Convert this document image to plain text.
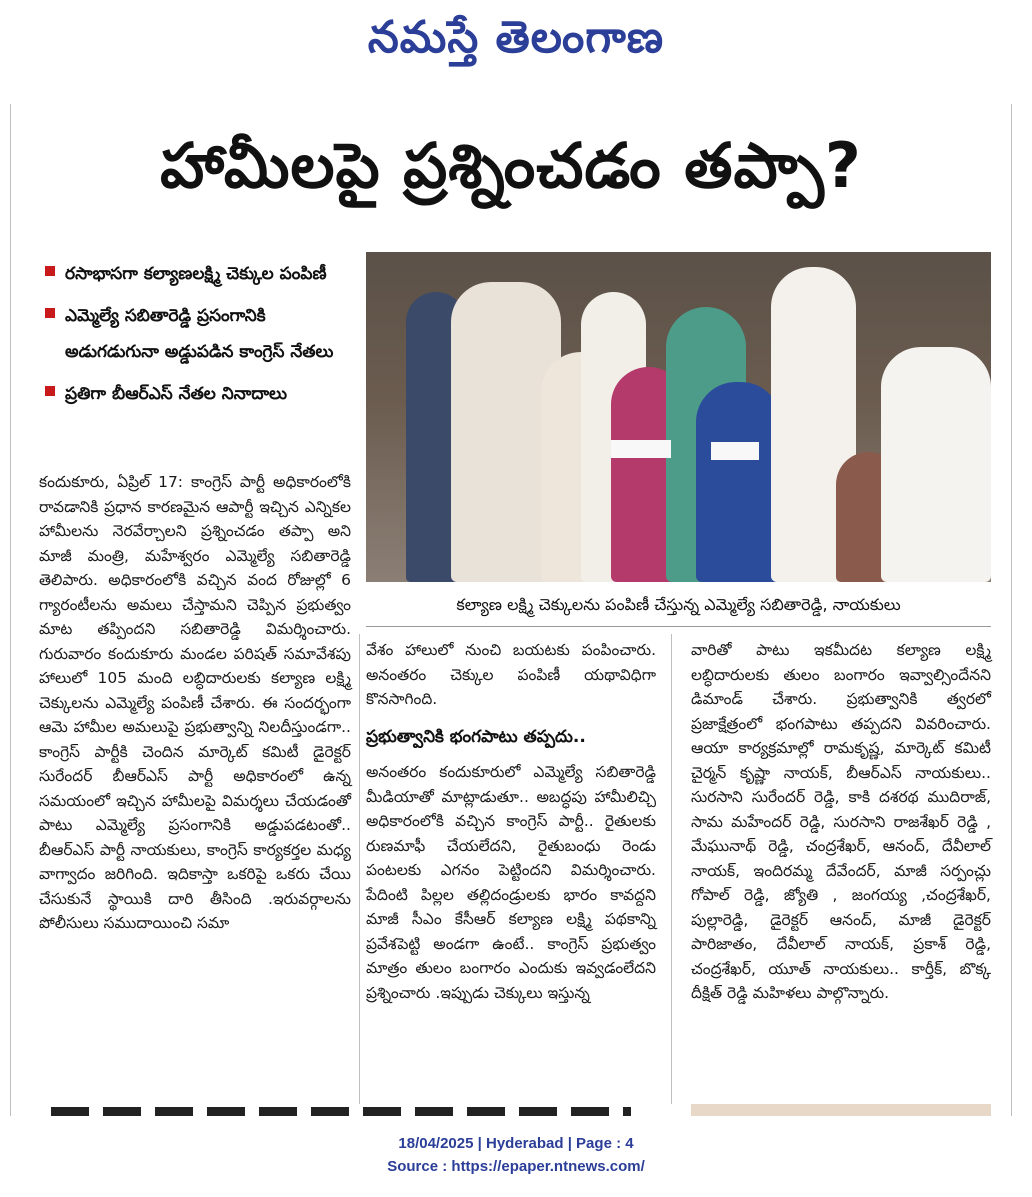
నమస్తే తెలంగాణ
హామీలపై ప్రశ్నించడం తప్పా?
రసాభాసగా కల్యాణలక్ష్మి చెక్కుల పంపిణీ
ఎమ్మెల్యే సబితారెడ్డి ప్రసంగానికి అడుగడుగునా అడ్డుపడిన కాంగ్రెస్ నేతలు
ప్రతిగా బీఆర్ఎస్ నేతల నినాదాలు
కల్యాణ లక్ష్మి చెక్కులను పంపిణీ చేస్తున్న ఎమ్మెల్యే సబితారెడ్డి, నాయకులు

కందుకూరు, ఏప్రిల్ 17: కాంగ్రెస్ పార్టీ అధికారంలోకి రావడానికి ప్రధాన కారణమైన ఆపార్టీ ఇచ్చిన ఎన్నికల హామీలను నెరవేర్చాలని ప్రశ్నించడం తప్పా అని మాజీ మంత్రి, మహేశ్వరం ఎమ్మెల్యే సబితారెడ్డి తెలిపారు. అధికారంలోకి వచ్చిన వంద రోజుల్లో 6 గ్యారంటీలను అమలు చేస్తామని చెప్పిన ప్రభుత్వం మాట తప్పిందని సబితారెడ్డి విమర్శించారు. గురువారం కందుకూరు మండల పరిషత్ సమావేశపు హాలులో 105 మంది లబ్ధిదారులకు కల్యాణ లక్ష్మి చెక్కులను ఎమ్మెల్యే పంపిణీ చేశారు. ఈ సందర్భంగా ఆమె హామీల అమలుపై ప్రభుత్వాన్ని నిలదీస్తుండగా.. కాంగ్రెస్ పార్టీకి చెందిన మార్కెట్ కమిటీ డైరెక్టర్ సురేందర్ బీఆర్ఎస్ పార్టీ అధికారంలో ఉన్న సమయంలో ఇచ్చిన హామీలపై విమర్శలు చేయడంతో పాటు ఎమ్మెల్యే ప్రసంగానికి అడ్డుపడటంతో.. బీఆర్ఎస్ పార్టీ నాయకులు, కాంగ్రెస్ కార్యకర్తల మధ్య వాగ్వాదం జరిగింది. ఇదికాస్తా ఒకరిపై ఒకరు చేయి చేసుకునే స్థాయికి దారి తీసింది .ఇరువర్గాలను పోలీసులు సముదాయించి సమా

వేశం హాలులో నుంచి బయటకు పంపించారు. అనంతరం చెక్కుల పంపిణీ యథావిధిగా కొనసాగింది.

ప్రభుత్వానికి భంగపాటు తప్పదు..

అనంతరం కందుకూరులో ఎమ్మెల్యే సబితారెడ్డి మీడియాతో మాట్లాడుతూ.. అబద్ధపు హామీలిచ్చి అధికారంలోకి వచ్చిన కాంగ్రెస్ పార్టీ.. రైతులకు రుణమాఫీ చేయలేదని, రైతుబంధు రెండు పంటలకు ఎగనం పెట్టిందని విమర్శించారు. పేదింటి పిల్లల తల్లిదండ్రులకు భారం కావద్దని మాజీ సీఎం కేసీఆర్ కల్యాణ లక్ష్మి పథకాన్ని ప్రవేశపెట్టి అండగా ఉంటే.. కాంగ్రెస్ ప్రభుత్వం మాత్రం తులం బంగారం ఎందుకు ఇవ్వడంలేదని ప్రశ్నించారు .ఇప్పుడు చెక్కులు ఇస్తున్న

వారితో పాటు ఇకమీదట కల్యాణ లక్ష్మి లబ్ధిదారులకు తులం బంగారం ఇవ్వాల్సిందేనని డిమాండ్ చేశారు. ప్రభుత్వానికి త్వరలో ప్రజాక్షేత్రంలో భంగపాటు తప్పదని వివరించారు. ఆయా కార్యక్రమాల్లో రామకృష్ణ, మార్కెట్ కమిటీ చైర్మన్ కృష్ణా నాయక్, బీఆర్ఎస్ నాయకులు.. సురసాని సురేందర్ రెడ్డి, కాకి దశరథ ముదిరాజ్, సామ మహేందర్ రెడ్డి, సురసాని రాజశేఖర్ రెడ్డి , మేఘునాథ్ రెడ్డి, చంద్రశేఖర్, ఆనంద్, దేవీలాల్ నాయక్, ఇందిరమ్మ దేవేందర్, మాజీ సర్పంచ్లు గోపాల్ రెడ్డి, జ్యోతి , జంగయ్య ,చంద్రశేఖర్, పుల్లారెడ్డి, డైరెక్టర్ ఆనంద్, మాజీ డైరెక్టర్ పారిజాతం, దేవీలాల్ నాయక్, ప్రకాశ్ రెడ్డి, చంద్రశేఖర్, యూత్ నాయకులు.. కార్తీక్, బొక్క దీక్షిత్ రెడ్డి మహిళలు పాల్గొన్నారు.

18/04/2025 | Hyderabad | Page : 4
Source : https://epaper.ntnews.com/
